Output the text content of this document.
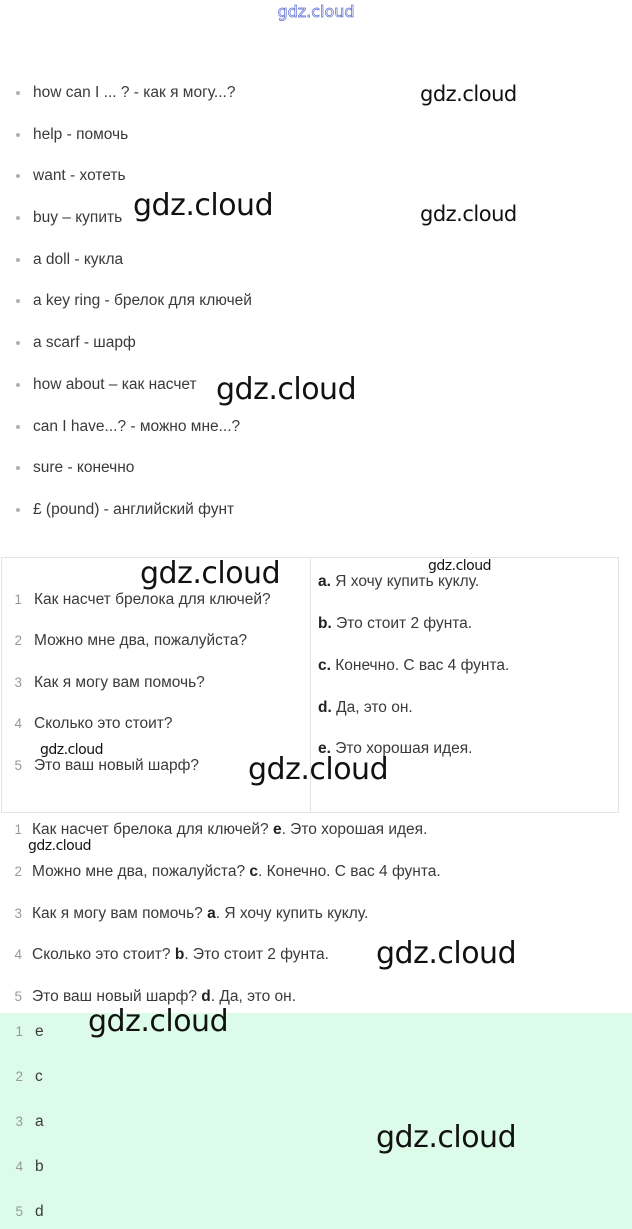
gdz.cloud
gdz.cloud
gdz.cloud	gdz.cloud
gdz.cloud
how can I ... ? - как я могу...?
help - помочь
want - хотеть
buy – купить
a doll - кукла
a key ring - брелок для ключей
a scarf - шарф
how about – как насчет
can I have...? - можно мне...?
sure - конечно
£ (pound) - английский фунт
1 Как насчет брелока для ключей?
2 Можно мне два, пожалуйста?
3 Как я могу вам помочь?
4 Сколько это стоит?
5 Это ваш новый шарф?
a. Я хочу купить куклу.
b. Это стоит 2 фунта.
c. Конечно. С вас 4 фунта.
d. Да, это он.
e. Это хорошая идея.
gdz.cloud	gdz.cloud
gdz.cloud
gdz.cloud
1 Как насчет брелока для ключей? e. Это хорошая идея.
2 Можно мне два, пожалуйста? c. Конечно. С вас 4 фунта.
3 Как я могу вам помочь? a. Я хочу купить куклу.
4 Сколько это стоит? b. Это стоит 2 фунта.
5 Это ваш новый шарф? d. Да, это он.
gdz.cloud
gdz.cloud
1 e
2 c
3 a
4 b
5 d
gdz.cloud
gdz.cloud
